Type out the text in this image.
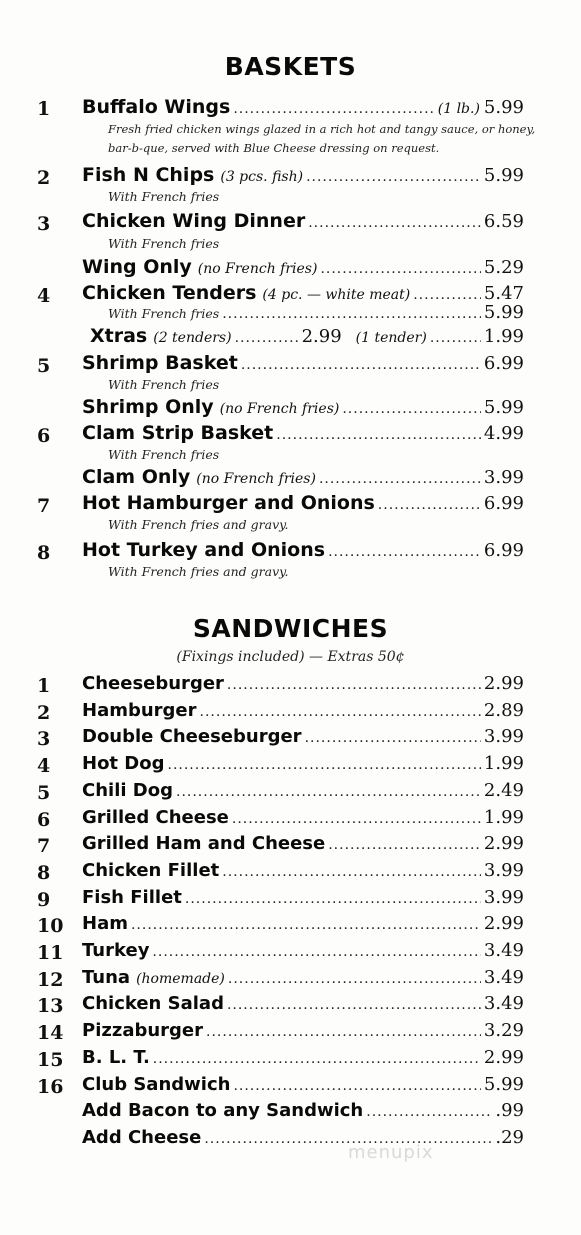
BASKETS
1 Buffalo Wings .....	(1 lb.) 5.99
Fresh fried chicken wings glazed in a rich hot and tangy sauce, or honey,
bar-b-que, served with Blue Cheese dressing on request.
2 Fish N Chips (3 pcs. fish) .....	5.99
With French fries
3 Chicken Wing Dinner .....	6.59
With French fries
Wing Only (no French fries) .....	5.29
4 Chicken Tenders (4 pc. — white meat) .....	5.47
With French fries .....	5.99
Xtras (2 tenders) .....	2.99 (1 tender) .....	1.99
5 Shrimp Basket .....	6.99
With French fries
Shrimp Only (no French fries) .....	5.99
6 Clam Strip Basket .....	4.99
With French fries
Clam Only (no French fries) .....	3.99
7 Hot Hamburger and Onions .....	6.99
With French fries and gravy.
8 Hot Turkey and Onions .....	6.99
With French fries and gravy.
SANDWICHES
(Fixings included) — Extras 50¢
1 Cheeseburger .....	2.99
2 Hamburger .....	2.89
3 Double Cheeseburger .....	3.99
4 Hot Dog .....	1.99
5 Chili Dog .....	2.49
6 Grilled Cheese .....	1.99
7 Grilled Ham and Cheese .....	2.99
8 Chicken Fillet .....	3.99
9 Fish Fillet .....	3.99
10 Ham .....	2.99
11 Turkey .....	3.49
12 Tuna (homemade) .....	3.49
13 Chicken Salad .....	3.49
14 Pizzaburger .....	3.29
15 B. L. T. .....	2.99
16 Club Sandwich .....	5.99
Add Bacon to any Sandwich .....	.99
Add Cheese .....	.29
menupix
